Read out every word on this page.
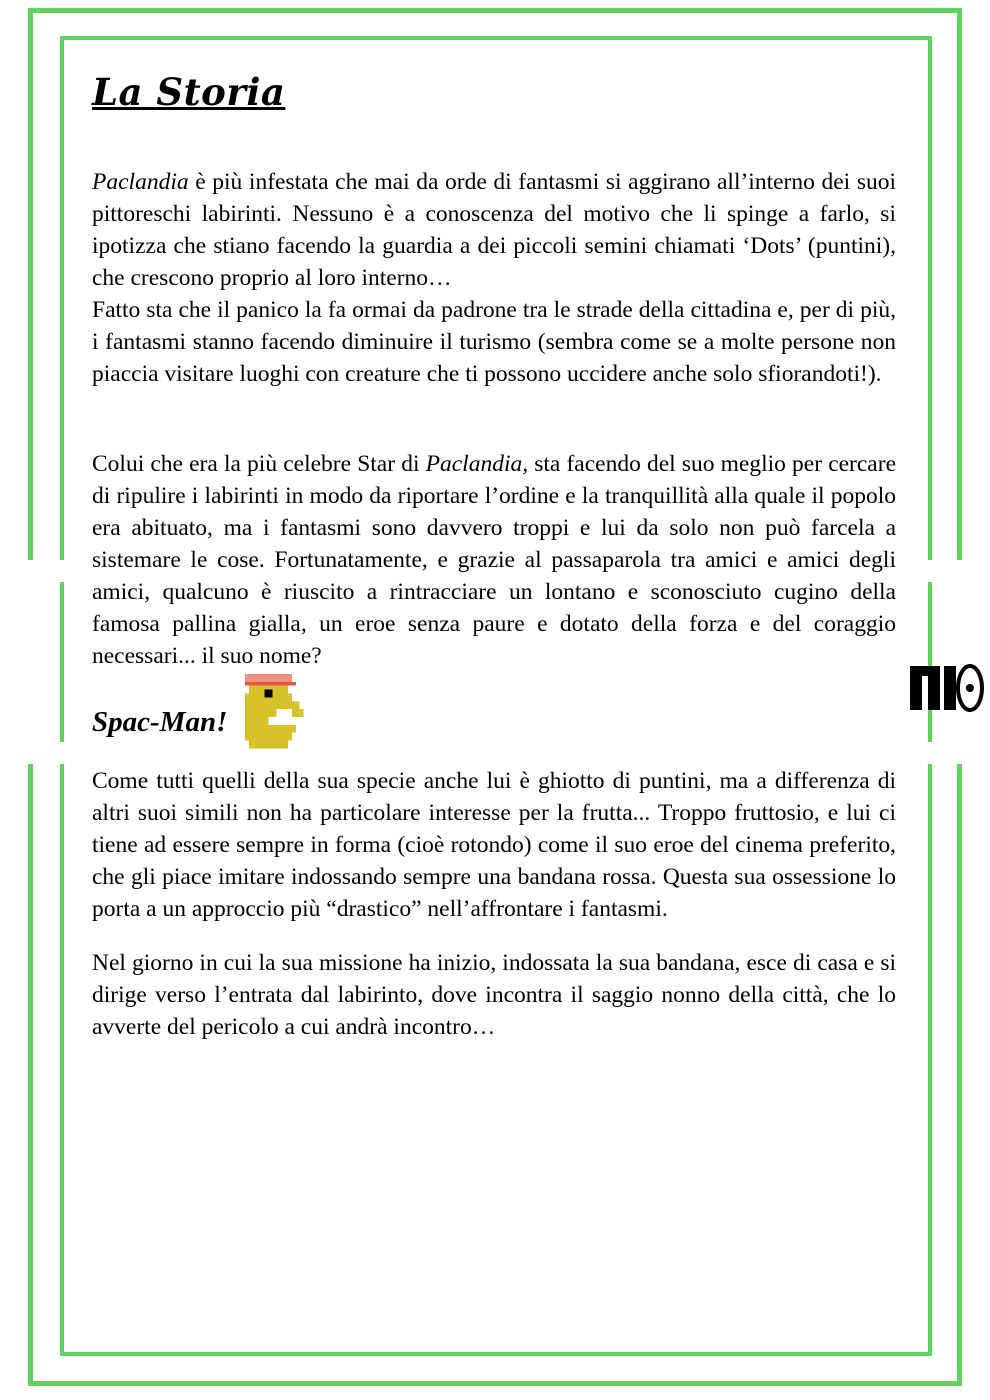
La Storia

Paclandia è più infestata che mai da orde di fantasmi si aggirano all’interno dei suoi pittoreschi labirinti. Nessuno è a conoscenza del motivo che li spinge a farlo, si ipotizza che stiano facendo la guardia a dei piccoli semini chiamati ‘Dots’ (puntini), che crescono proprio al loro interno…

Fatto sta che il panico la fa ormai da padrone tra le strade della cittadina e, per di più, i fantasmi stanno facendo diminuire il turismo (sembra come se a molte persone non piaccia visitare luoghi con creature che ti possono uccidere anche solo sfiorandoti!).

Colui che era la più celebre Star di Paclandia, sta facendo del suo meglio per cercare di ripulire i labirinti in modo da riportare l’ordine e la tranquillità alla quale il popolo era abituato, ma i fantasmi sono davvero troppi e lui da solo non può farcela a sistemare le cose. Fortunatamente, e grazie al passaparola tra amici e amici degli amici, qualcuno è riuscito a rintracciare un lontano e sconosciuto cugino della famosa pallina gialla, un eroe senza paure e dotato della forza e del coraggio necessari... il suo nome?

Spac-Man!

Come tutti quelli della sua specie anche lui è ghiotto di puntini, ma a differenza di altri suoi simili non ha particolare interesse per la frutta... Troppo fruttosio, e lui ci tiene ad essere sempre in forma (cioè rotondo) come il suo eroe del cinema preferito, che gli piace imitare indossando sempre una bandana rossa. Questa sua ossessione lo porta a un approccio più “drastico” nell’affrontare i fantasmi.

Nel giorno in cui la sua missione ha inizio, indossata la sua bandana, esce di casa e si dirige verso l’entrata dal labirinto, dove incontra il saggio nonno della città, che lo avverte del pericolo a cui andrà incontro…
